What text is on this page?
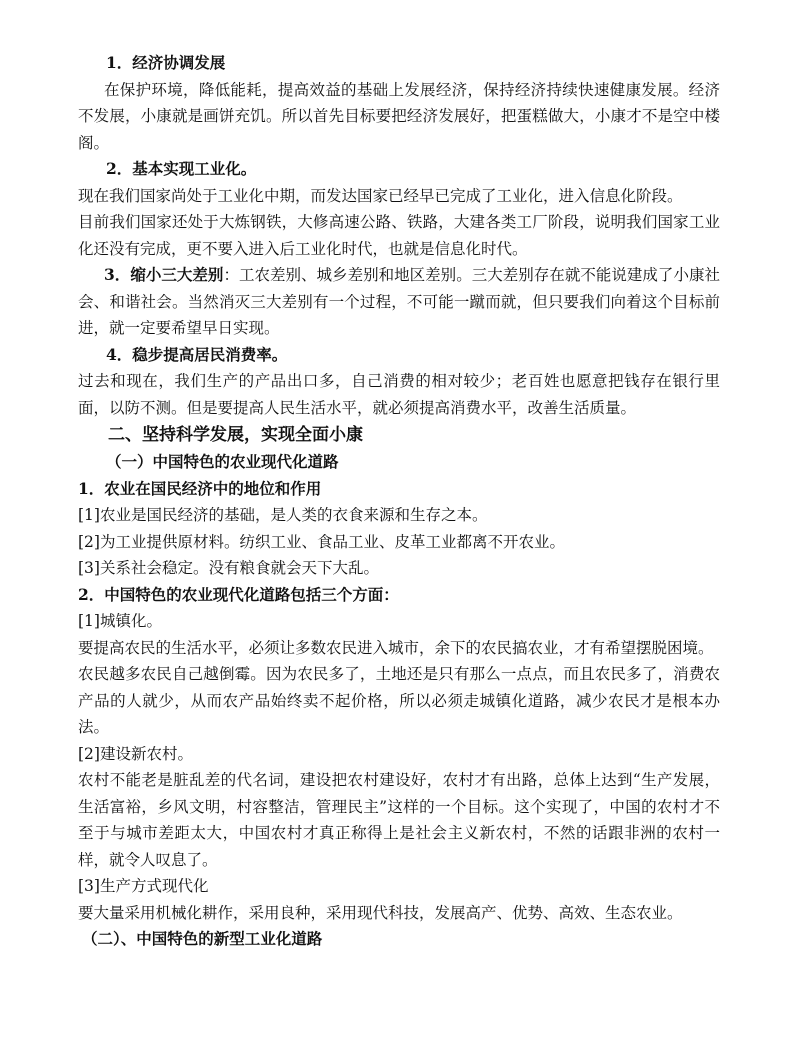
1．经济协调发展

在保护环境，降低能耗，提高效益的基础上发展经济，保持经济持续快速健康发展。经济不发展，小康就是画饼充饥。所以首先目标要把经济发展好，把蛋糕做大，小康才不是空中楼阁。

2．基本实现工业化。

现在我们国家尚处于工业化中期，而发达国家已经早已完成了工业化，进入信息化阶段。

目前我们国家还处于大炼钢铁，大修高速公路、铁路，大建各类工厂阶段，说明我们国家工业化还没有完成，更不要入进入后工业化时代，也就是信息化时代。

3．缩小三大差别：工农差别、城乡差别和地区差别。三大差别存在就不能说建成了小康社会、和谐社会。当然消灭三大差别有一个过程，不可能一蹴而就，但只要我们向着这个目标前进，就一定要希望早日实现。

4．稳步提高居民消费率。

过去和现在，我们生产的产品出口多，自己消费的相对较少；老百姓也愿意把钱存在银行里面，以防不测。但是要提高人民生活水平，就必须提高消费水平，改善生活质量。

二、坚持科学发展，实现全面小康

（一）中国特色的农业现代化道路

1．农业在国民经济中的地位和作用

[1]农业是国民经济的基础，是人类的衣食来源和生存之本。

[2]为工业提供原材料。纺织工业、食品工业、皮革工业都离不开农业。

[3]关系社会稳定。没有粮食就会天下大乱。

2．中国特色的农业现代化道路包括三个方面：

[1]城镇化。

要提高农民的生活水平，必须让多数农民进入城市，余下的农民搞农业，才有希望摆脱困境。

农民越多农民自己越倒霉。因为农民多了，土地还是只有那么一点点，而且农民多了，消费农产品的人就少，从而农产品始终卖不起价格，所以必须走城镇化道路，减少农民才是根本办法。

[2]建设新农村。

农村不能老是脏乱差的代名词，建设把农村建设好，农村才有出路，总体上达到“生产发展，生活富裕，乡风文明，村容整洁，管理民主”这样的一个目标。这个实现了，中国的农村才不至于与城市差距太大，中国农村才真正称得上是社会主义新农村，不然的话跟非洲的农村一样，就令人叹息了。

[3]生产方式现代化

要大量采用机械化耕作，采用良种，采用现代科技，发展高产、优势、高效、生态农业。

（二）、中国特色的新型工业化道路
